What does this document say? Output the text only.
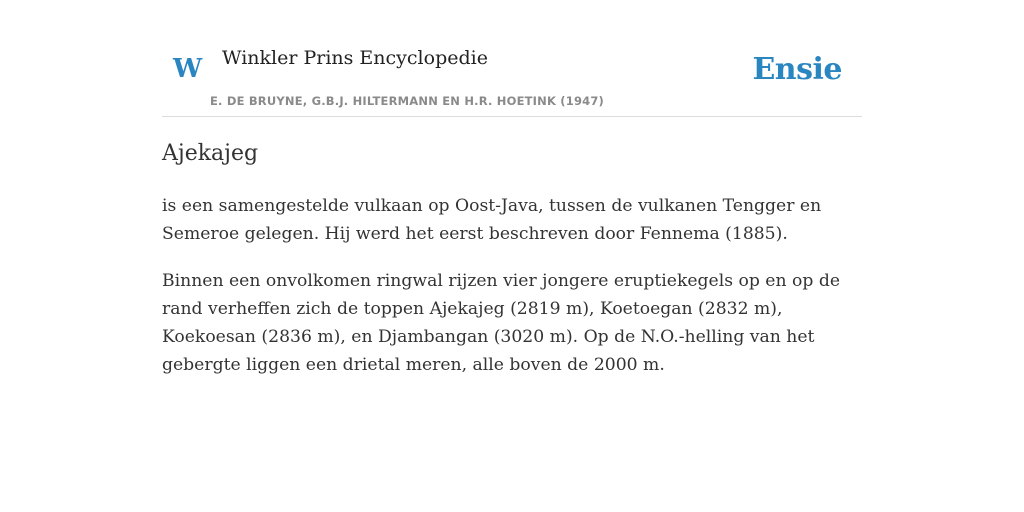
W Winkler Prins Encyclopedie
E. DE BRUYNE, G.B.J. HILTERMANN EN H.R. HOETINK (1947)
Ensie
Ajekajeg

is een samengestelde vulkaan op Oost-Java, tussen de vulkanen Tengger en Semeroe gelegen. Hij werd het eerst beschreven door Fennema (1885).

Binnen een onvolkomen ringwal rijzen vier jongere eruptiekegels op en op de rand verheffen zich de toppen Ajekajeg (2819 m), Koetoegan (2832 m), Koekoesan (2836 m), en Djambangan (3020 m). Op de N.O.-helling van het gebergte liggen een drietal meren, alle boven de 2000 m.
